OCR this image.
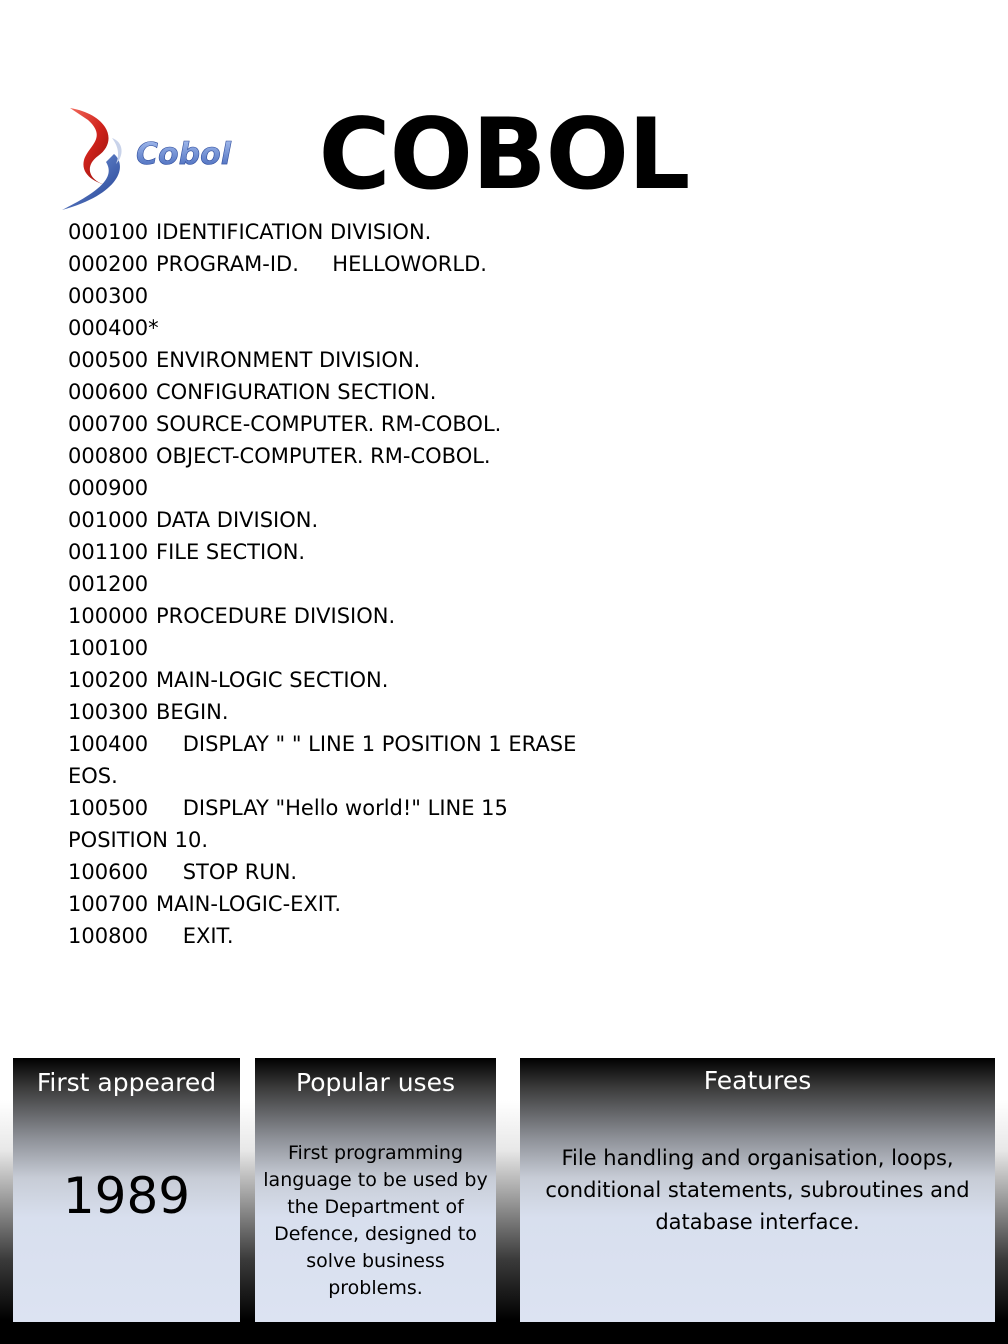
Cobol COBOL
000100 IDENTIFICATION DIVISION.
000200 PROGRAM-ID.     HELLOWORLD.
000300
000400*
000500 ENVIRONMENT DIVISION.
000600 CONFIGURATION SECTION.
000700 SOURCE-COMPUTER. RM-COBOL.
000800 OBJECT-COMPUTER. RM-COBOL.
000900
001000 DATA DIVISION.
001100 FILE SECTION.
001200
100000 PROCEDURE DIVISION.
100100
100200 MAIN-LOGIC SECTION.
100300 BEGIN.
100400    DISPLAY " " LINE 1 POSITION 1 ERASE EOS.
100500    DISPLAY "Hello world!" LINE 15 POSITION 10.
100600 STOP RUN.
100700 MAIN-LOGIC-EXIT.
100800 EXIT.
First appeared
1989
Popular uses
First programming language to be used by the Department of Defence, designed to solve business problems.
Features
File handling and organisation, loops, conditional statements, subroutines and database interface.
